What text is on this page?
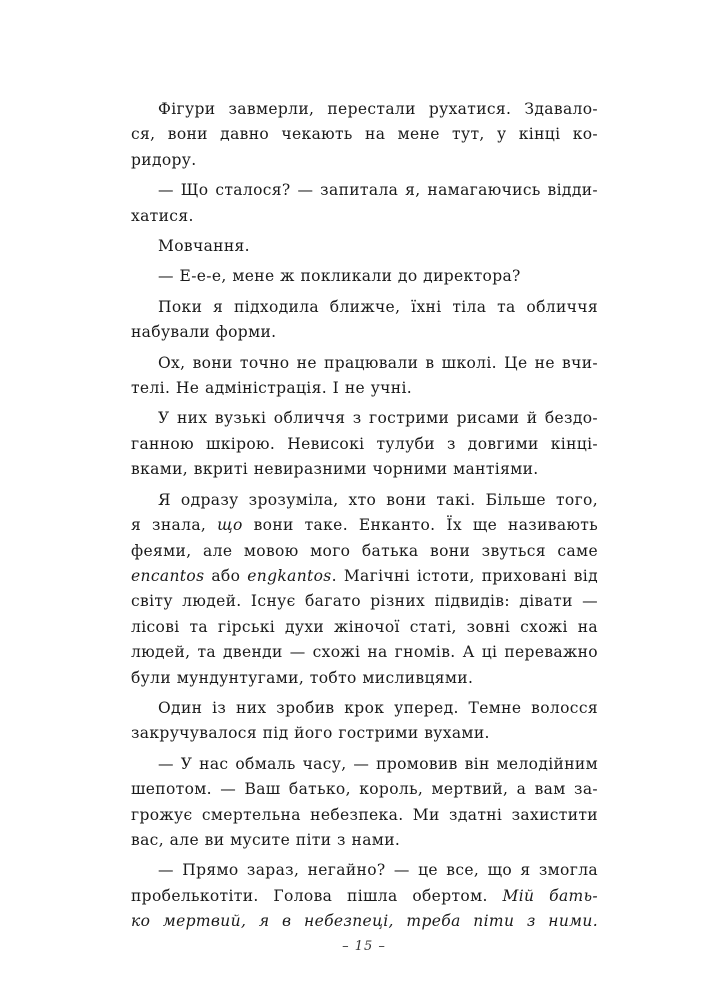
Фігури завмерли, перестали рухатися. Здавало-
ся, вони давно чекають на мене тут, у кінці ко-
ридору.

— Що сталося? — запитала я, намагаючись відди-
хатися.

Мовчання.

— Е-е-е, мене ж покликали до директора?

Поки я підходила ближче, їхні тіла та обличчя
набували форми.

Ох, вони точно не працювали в школі. Це не вчи-
телі. Не адміністрація. І не учні.

У них вузькі обличчя з гострими рисами й бездо-
ганною шкірою. Невисокі тулуби з довгими кінці-
вками, вкриті невиразними чорними мантіями.

Я одразу зрозуміла, хто вони такі. Більше того,
я знала, що вони таке. Енканто. Їх ще називають
феями, але мовою мого батька вони звуться саме
encantos або engkantos. Магічні істоти, приховані від
світу людей. Існує багато різних підвидів: дівати —
лісові та гірські духи жіночої статі, зовні схожі на
людей, та двенди — схожі на гномів. А ці переважно
були мундунтугами, тобто мисливцями.

Один із них зробив крок уперед. Темне волосся
закручувалося під його гострими вухами.

— У нас обмаль часу, — промовив він мелодійним
шепотом. — Ваш батько, король, мертвий, а вам за-
грожує смертельна небезпека. Ми здатні захистити
вас, але ви мусите піти з нами.

— Прямо зараз, негайно? — це все, що я змогла
пробелькотіти. Голова пішла обертом. Мій бать-
ко мертвий, я в небезпеці, треба піти з ними.

– 15 –
